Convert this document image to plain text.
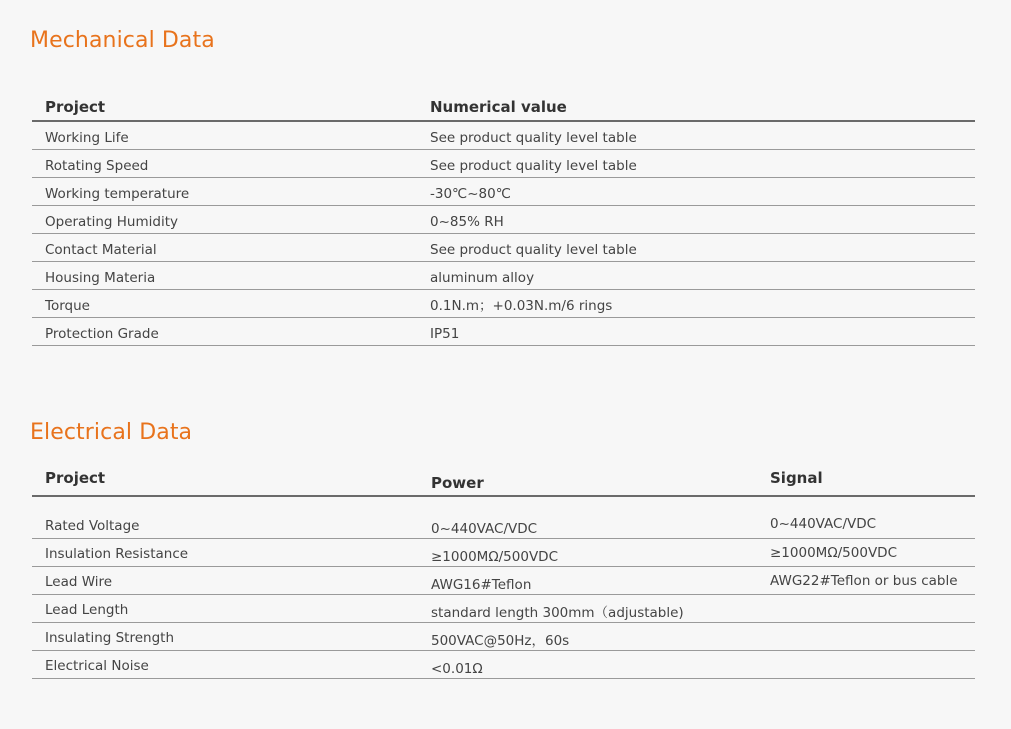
Mechanical Data
Project	Numerical value
Working Life	See product quality level table
Rotating Speed	See product quality level table
Working temperature	-30℃~80℃
Operating Humidity	0~85% RH
Contact Material	See product quality level table
Housing Materia	aluminum alloy
Torque	0.1N.m；+0.03N.m/6 rings
Protection Grade	IP51
Electrical Data
Project	Power	Signal
Rated Voltage	0~440VAC/VDC	0~440VAC/VDC
Insulation Resistance	≥1000MΩ/500VDC	≥1000MΩ/500VDC
Lead Wire	AWG16#Teflon	AWG22#Teflon or bus cable
Lead Length	standard length 300mm（adjustable)	
Insulating Strength	500VAC@50Hz，60s	
Electrical Noise	<0.01Ω	
